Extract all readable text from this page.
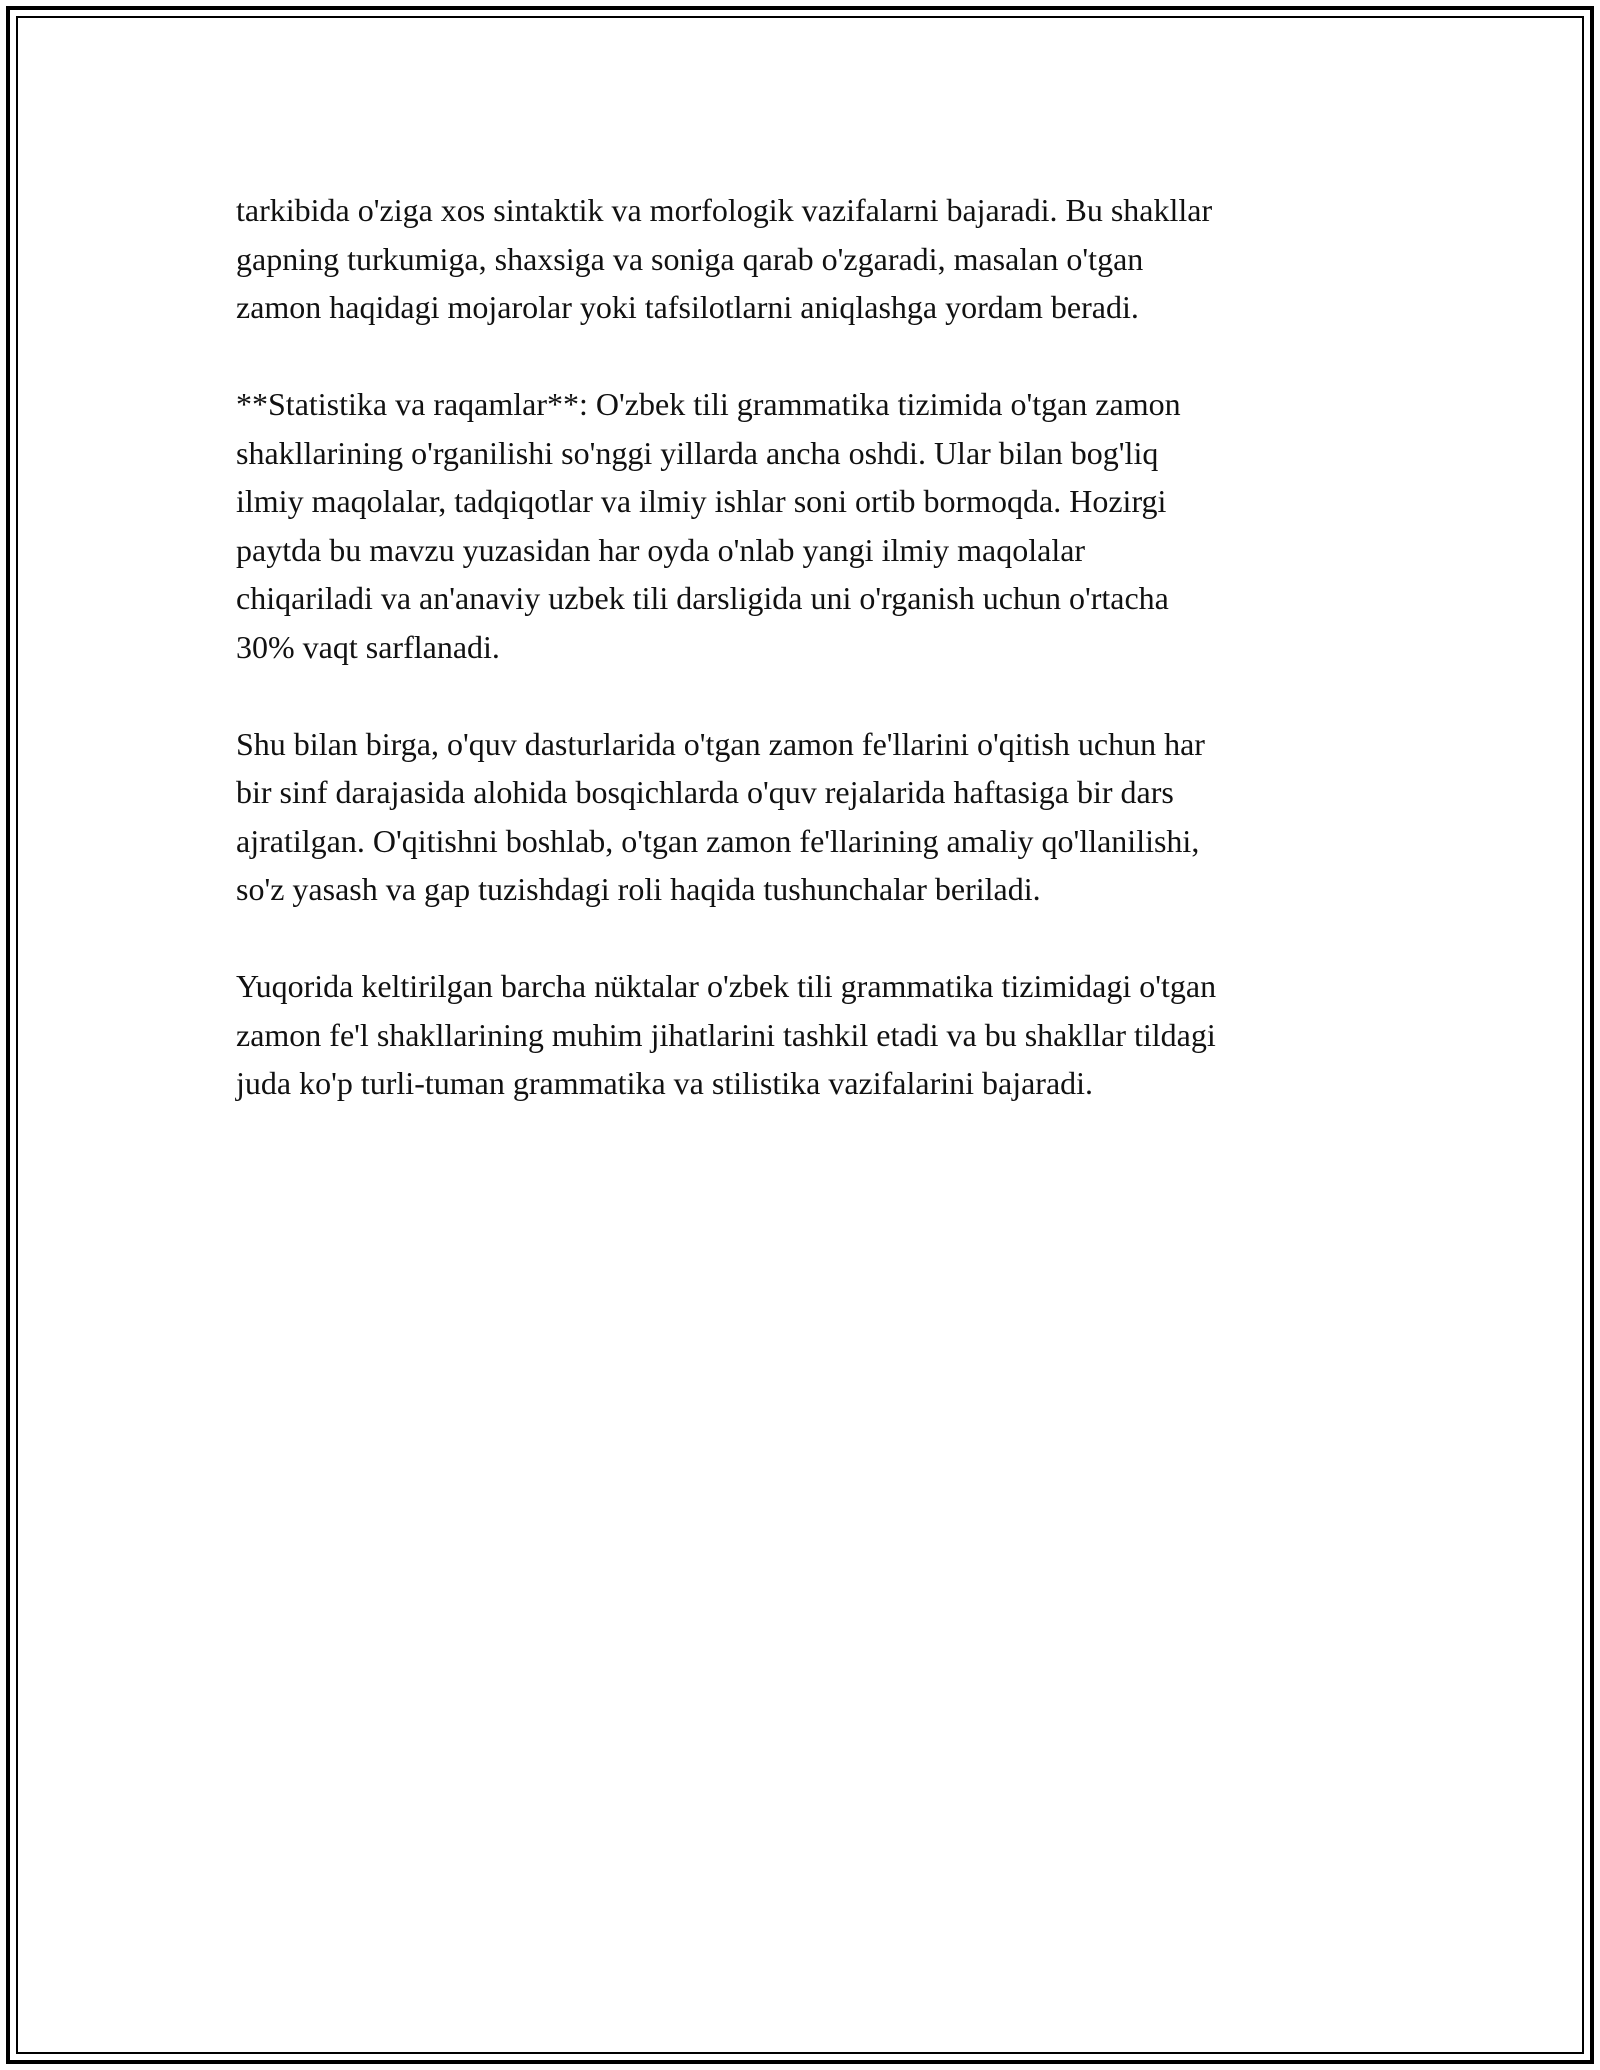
tarkibida o'ziga xos sintaktik va morfologik vazifalarni bajaradi. Bu shakllar
gapning turkumiga, shaxsiga va soniga qarab o'zgaradi, masalan o'tgan
zamon haqidagi mojarolar yoki tafsilotlarni aniqlashga yordam beradi.

**Statistika va raqamlar**: O'zbek tili grammatika tizimida o'tgan zamon
shakllarining o'rganilishi so'nggi yillarda ancha oshdi. Ular bilan bog'liq
ilmiy maqolalar, tadqiqotlar va ilmiy ishlar soni ortib bormoqda. Hozirgi
paytda bu mavzu yuzasidan har oyda o'nlab yangi ilmiy maqolalar
chiqariladi va an'anaviy uzbek tili darsligida uni o'rganish uchun o'rtacha
30% vaqt sarflanadi.

Shu bilan birga, o'quv dasturlarida o'tgan zamon fe'llarini o'qitish uchun har
bir sinf darajasida alohida bosqichlarda o'quv rejalarida haftasiga bir dars
ajratilgan. O'qitishni boshlab, o'tgan zamon fe'llarining amaliy qo'llanilishi,
so'z yasash va gap tuzishdagi roli haqida tushunchalar beriladi.

Yuqorida keltirilgan barcha nüktalar o'zbek tili grammatika tizimidagi o'tgan
zamon fe'l shakllarining muhim jihatlarini tashkil etadi va bu shakllar tildagi
juda ko'p turli-tuman grammatika va stilistika vazifalarini bajaradi.
